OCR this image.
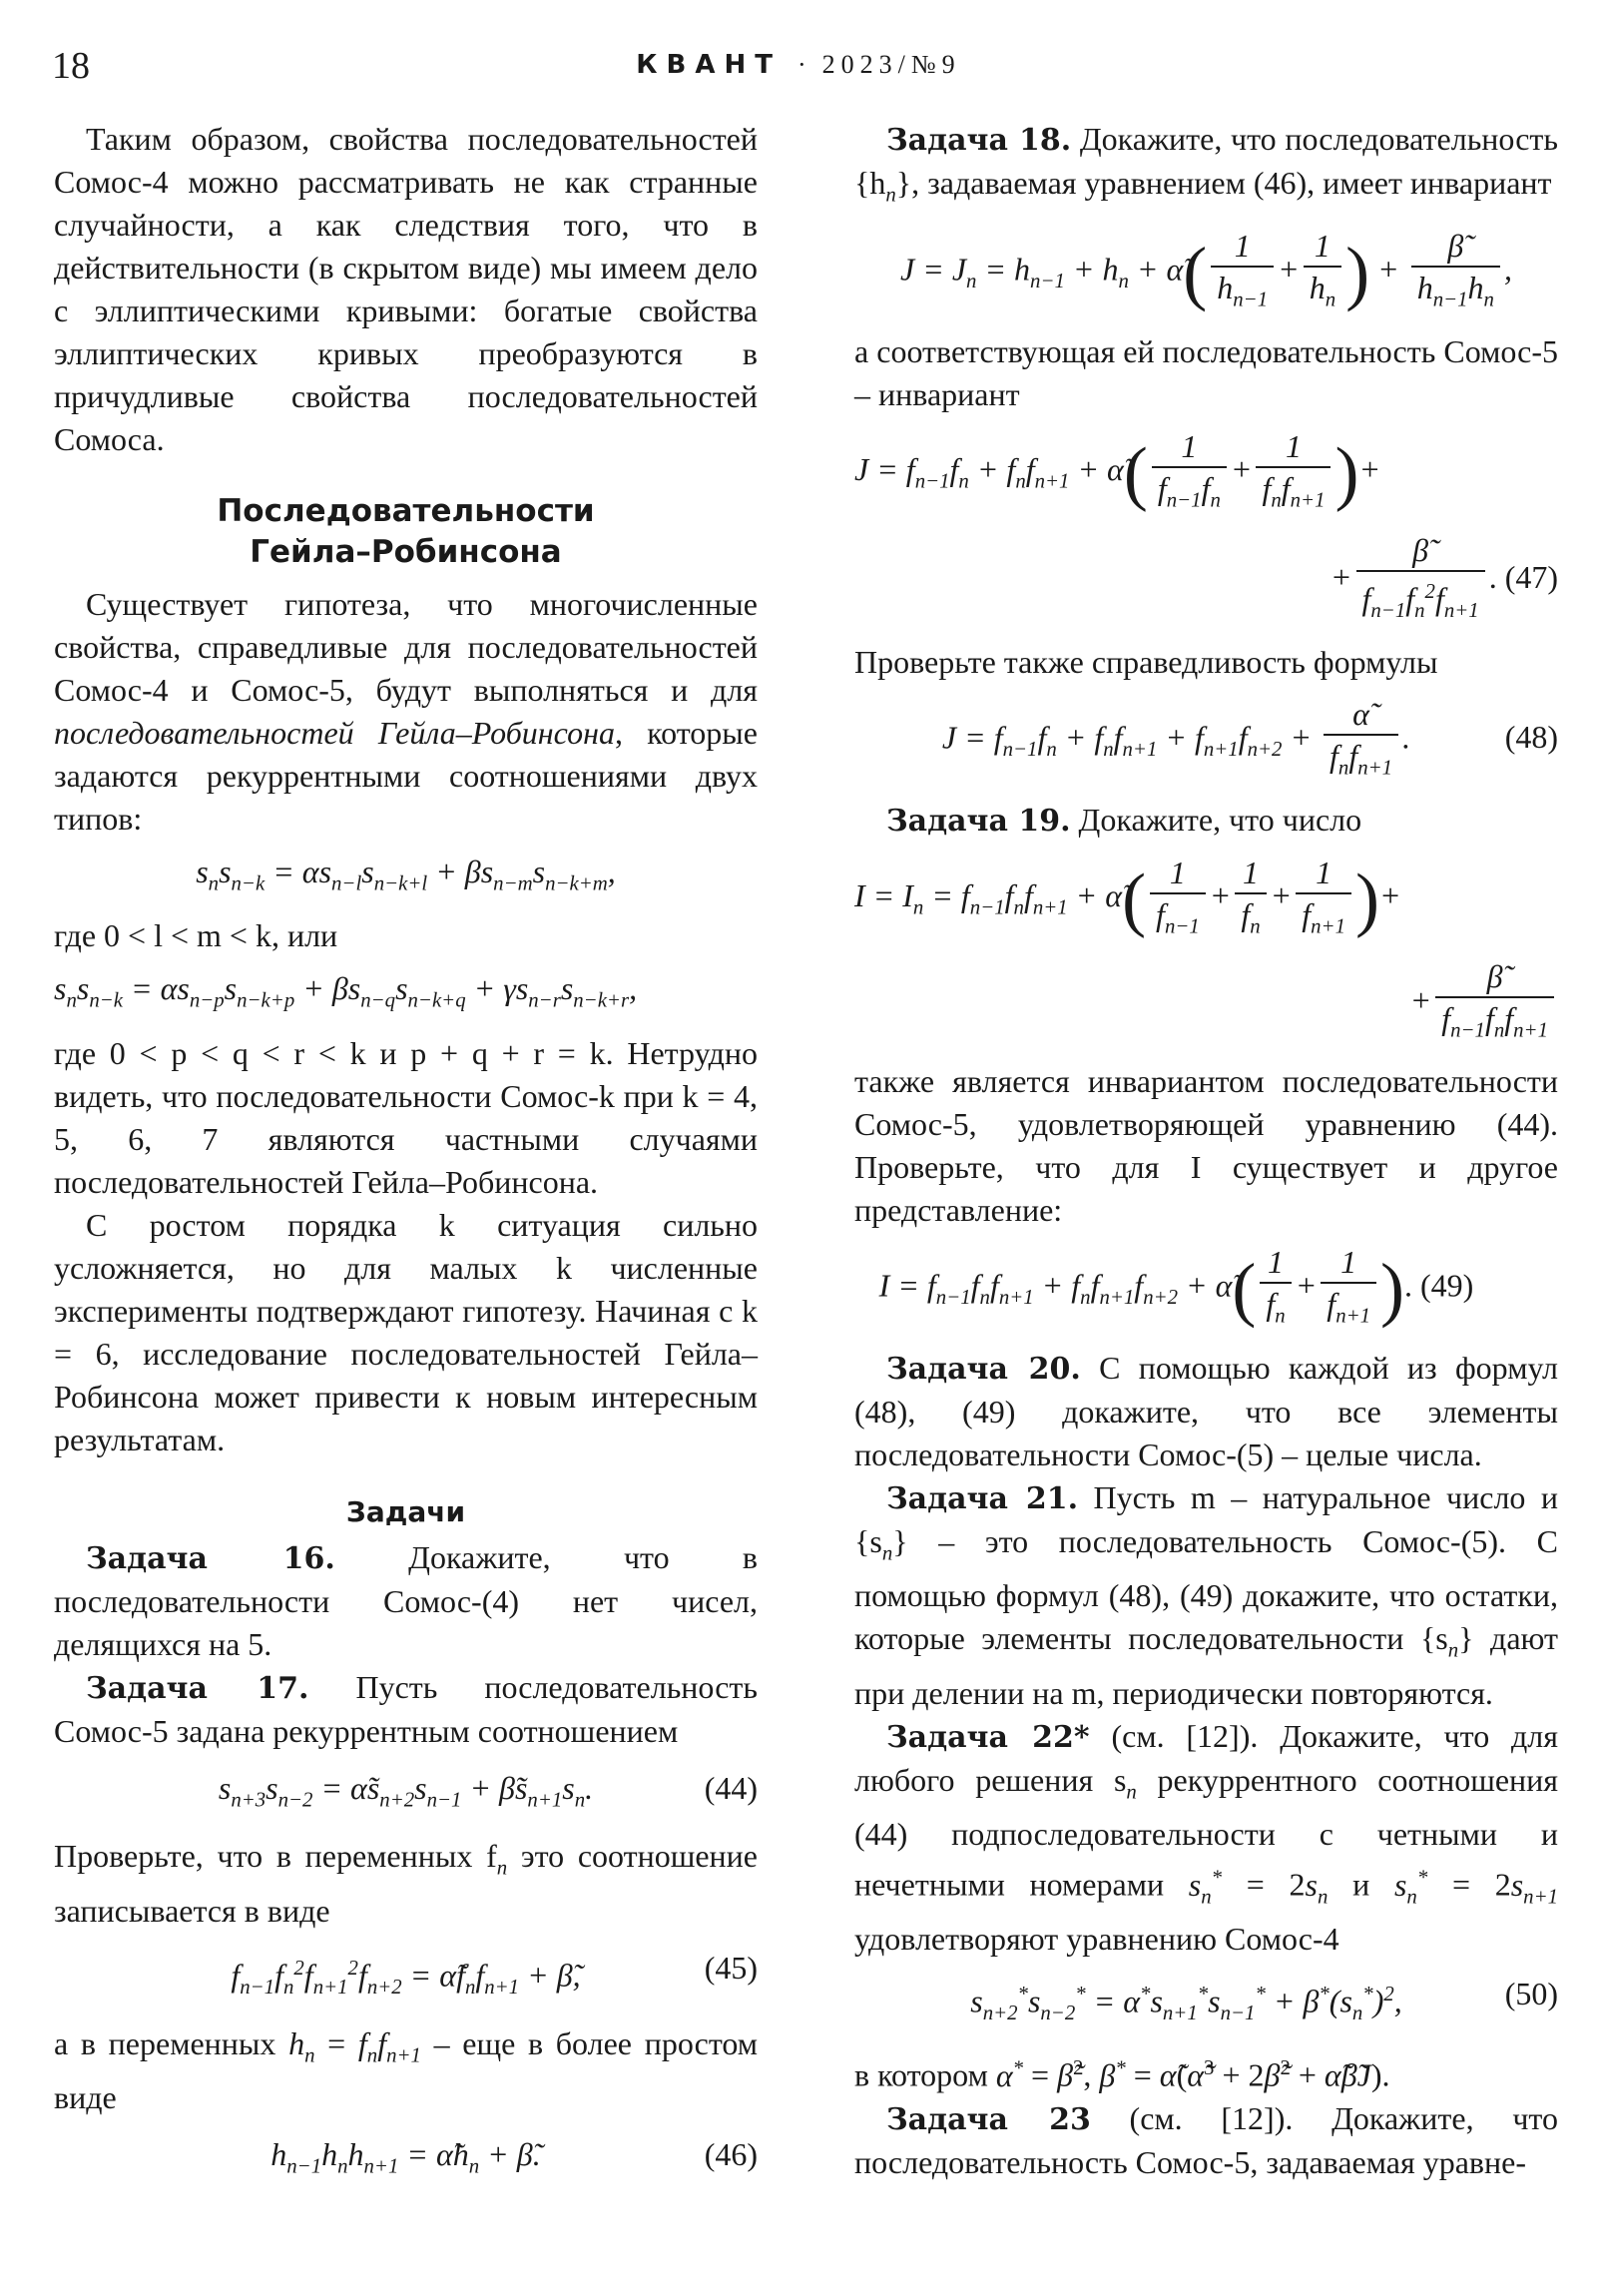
18	КВАНТ · 2023/№9

Таким образом, свойства последовательностей Сомос-4 можно рассматривать не как странные случайности, а как следствия того, что в действительности (в скрытом виде) мы имеем дело с эллиптическими кривыми: богатые свойства эллиптических кривых преобразуются в причудливые свойства последовательностей Сомоса.

Последовательности
Гейла–Робинсона

Существует гипотеза, что многочисленные свойства, справедливые для последовательностей Сомос-4 и Сомос-5, будут выполняться и для последовательностей Гейла–Робинсона, которые задаются рекуррентными соотношениями двух типов:

$s_ns_{n-k} = \alpha s_{n-l}s_{n-k+l} + \beta s_{n-m}s_{n-k+m}$,

где 0 < l < m < k, или

$s_ns_{n-k} = \alpha s_{n-p}s_{n-k+p} + \beta s_{n-q}s_{n-k+q} + \gamma s_{n-r}s_{n-k+r}$,

где 0 < p < q < r < k и p + q + r = k. Нетрудно видеть, что последовательности Сомос-k при k = 4, 5, 6, 7 являются частными случаями последовательностей Гейла–Робинсона.

С ростом порядка k ситуация сильно усложняется, но для малых k численные эксперименты подтверждают гипотезу. Начиная с k = 6, исследование последовательностей Гейла–Робинсона может привести к новым интересным результатам.

Задачи

Задача 16. Докажите, что в последовательности Сомос-(4) нет чисел, делящихся на 5.

Задача 17. Пусть последовательность Сомос-5 задана рекуррентным соотношением

$s_{n+3}s_{n-2}$ = $\alphãs_{n+2}s_{n-1}$ + $\betãs_{n+1}s_n$.	(44)

Проверьте, что в переменных $f_n$ это соотношение записывается в виде

$f_{n-1}f_n^2f_{n+1}^2f_{n+2}$ = $\alphãf_nf_{n+1}$ + β̃,	(45)

а в переменных $h_n = f_nf_{n+1}$ – еще в более простом виде

$h_{n-1}h_nh_{n+1}$ = $\alphãh_n$ + β̃.	(46)

Задача 18. Докажите, что последовательность $\{h_n\}$, задаваемая уравнением (46), имеет инвариант

$J = J_n = h_{n-1} + h_n$ + α̃( $\frac{1}{h_{n-1}} + \frac{1}{h_n}$ ) + $\frac{\betã}{h_{n-1}h_n}$ ,

а соответствующая ей последовательность Сомос-5 – инвариант

$J = f_{n-1}f_n + f_nf_{n+1}$ + α̃( $\frac{1}{f_{n-1}f_n} + \frac{1}{f_nf_{n+1}}$ )+
+ $\frac{\betã}{f_{n-1}f_n^2f_{n+1}}$ . (47)

Проверьте также справедливость формулы

$J = f_{n-1}f_n + f_nf_{n+1} + f_{n+1}f_{n+2} + \frac{\alphã}{f_nf_{n+1}}$ .	(48)

Задача 19. Докажите, что число

$I = I_n = f_{n-1}f_nf_{n+1}$ + α̃( $\frac{1}{f_{n-1}} + \frac{1}{f_n} + \frac{1}{f_{n+1}}$ )+
+ $\frac{\betã}{f_{n-1}f_nf_{n+1}}$

также является инвариантом последовательности Сомос-5, удовлетворяющей уравнению (44). Проверьте, что для I существует и другое представление:

$I = f_{n-1}f_nf_{n+1} + f_nf_{n+1}f_{n+2}$ + α̃( $\frac{1}{f_n} + \frac{1}{f_{n+1}}$ ). (49)

Задача 20. С помощью каждой из формул (48), (49) докажите, что все элементы последовательности Сомос-(5) – целые числа.

Задача 21. Пусть m – натуральное число и $\{s_n\}$ – это последовательность Сомос-(5). С помощью формул (48), (49) докажите, что остатки, которые элементы последовательности $\{s_n\}$ дают при делении на m, периодически повторяются.

Задача 22* (см. [12]). Докажите, что для любого решения $s_n$ рекуррентного соотношения (44) подпоследовательности с четными и нечетными номерами $s_n^* = 2s_n$ и $s_n^* = 2s_{n+1}$ удовлетворяют уравнению Сомос-4

$s_{n+2}^*s_{n-2}^* = \alpha^*s_{n+1}^*s_{n-1}^* + \beta^*(s_n^*)^2$,	(50)

в котором α* = β̃$^2$, β* = α̃(α̃$^3$ + 2β̃$^2$ + α̃β̃J).

Задача 23 (см. [12]). Докажите, что последовательность Сомос-5, задаваемая уравне-
